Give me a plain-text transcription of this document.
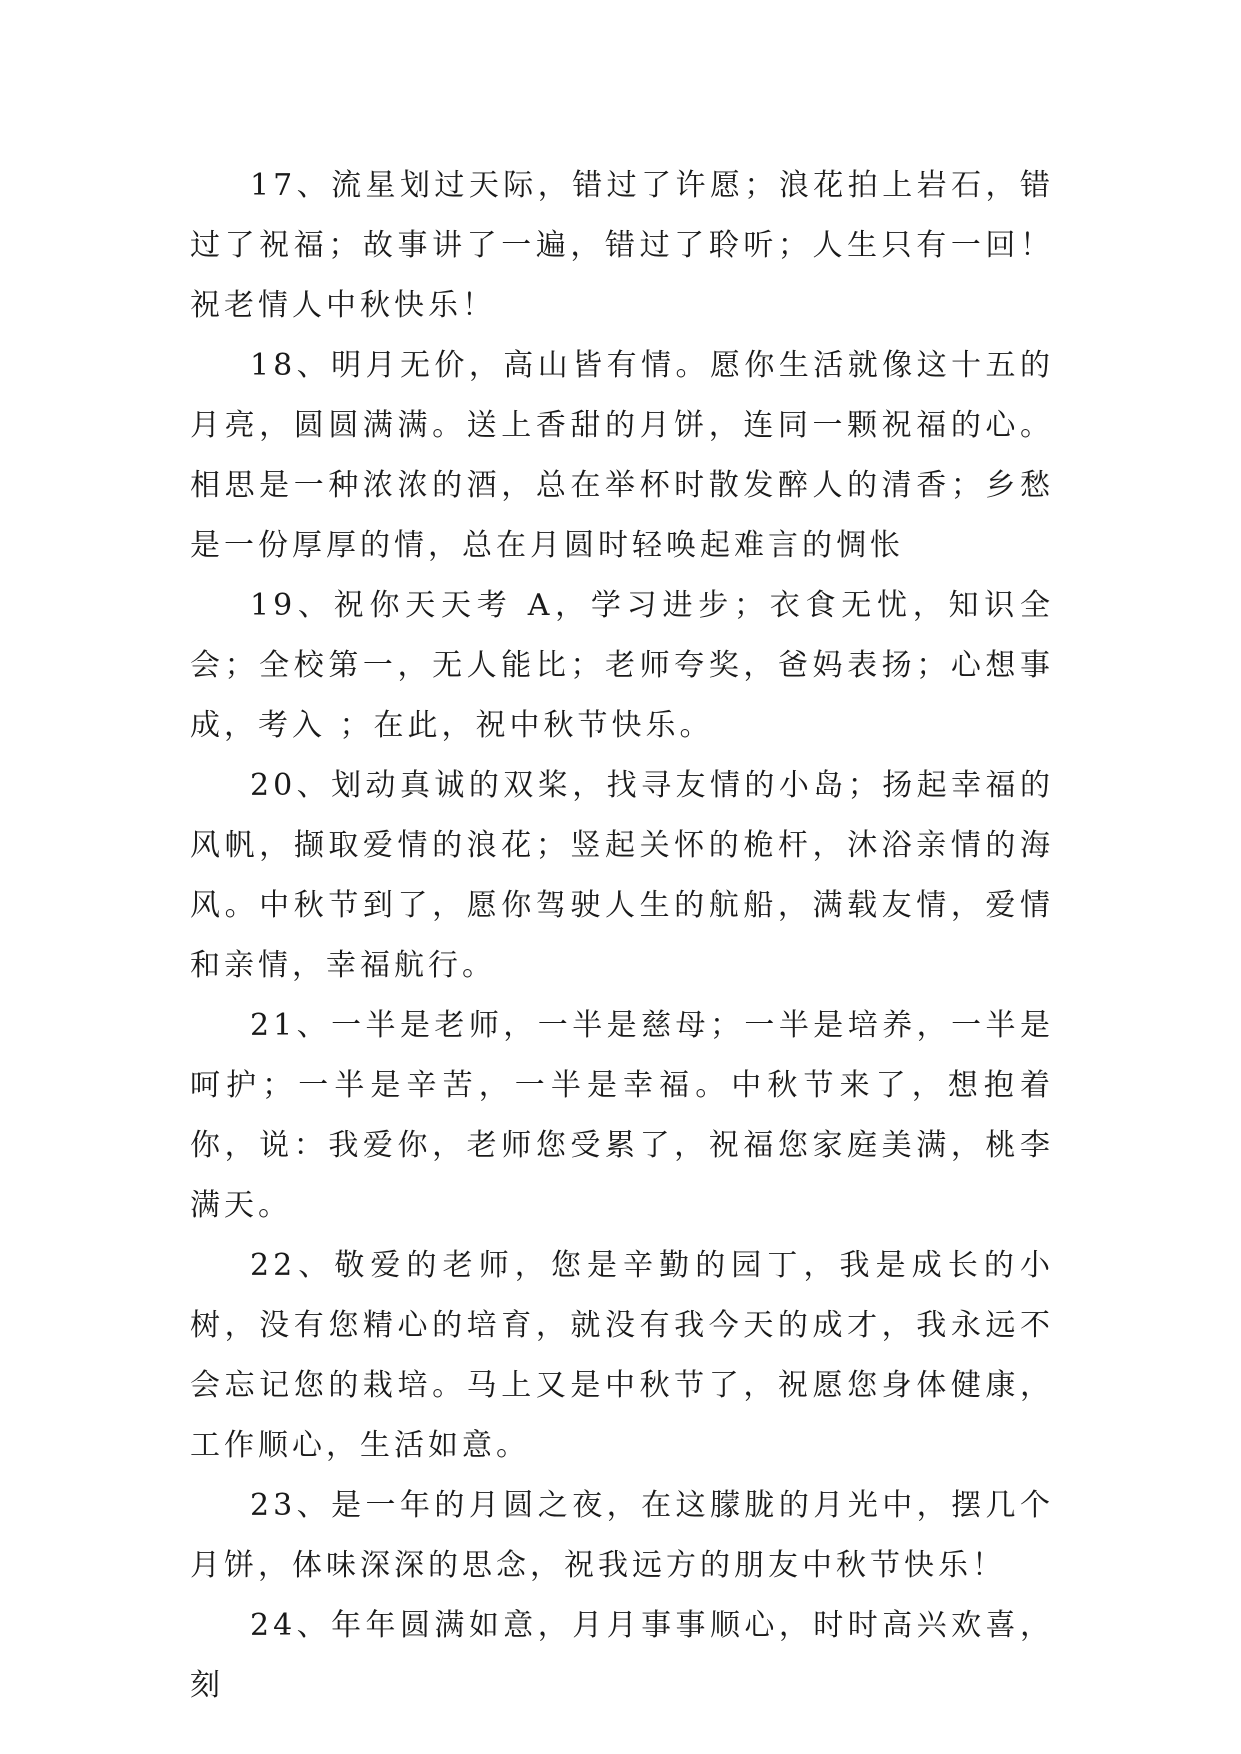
17、流星划过天际，错过了许愿；浪花拍上岩石，错过了祝福；故事讲了一遍，错过了聆听；人生只有一回！祝老情人中秋快乐！

18、明月无价，高山皆有情。愿你生活就像这十五的月亮，圆圆满满。送上香甜的月饼，连同一颗祝福的心。相思是一种浓浓的酒，总在举杯时散发醉人的清香；乡愁是一份厚厚的情，总在月圆时轻唤起难言的惆怅

19、祝你天天考 A，学习进步；衣食无忧，知识全会；全校第一，无人能比；老师夸奖，爸妈表扬；心想事成，考入 ；在此，祝中秋节快乐。

20、划动真诚的双桨，找寻友情的小岛；扬起幸福的风帆，撷取爱情的浪花；竖起关怀的桅杆，沐浴亲情的海风。中秋节到了，愿你驾驶人生的航船，满载友情，爱情和亲情，幸福航行。

21、一半是老师，一半是慈母；一半是培养，一半是呵护；一半是辛苦，一半是幸福。中秋节来了，想抱着你，说：我爱你，老师您受累了，祝福您家庭美满，桃李满天。

22、敬爱的老师，您是辛勤的园丁，我是成长的小树，没有您精心的培育，就没有我今天的成才，我永远不会忘记您的栽培。马上又是中秋节了，祝愿您身体健康，工作顺心，生活如意。

23、是一年的月圆之夜，在这朦胧的月光中，摆几个月饼，体味深深的思念，祝我远方的朋友中秋节快乐！

24、年年圆满如意，月月事事顺心，时时高兴欢喜，刻
